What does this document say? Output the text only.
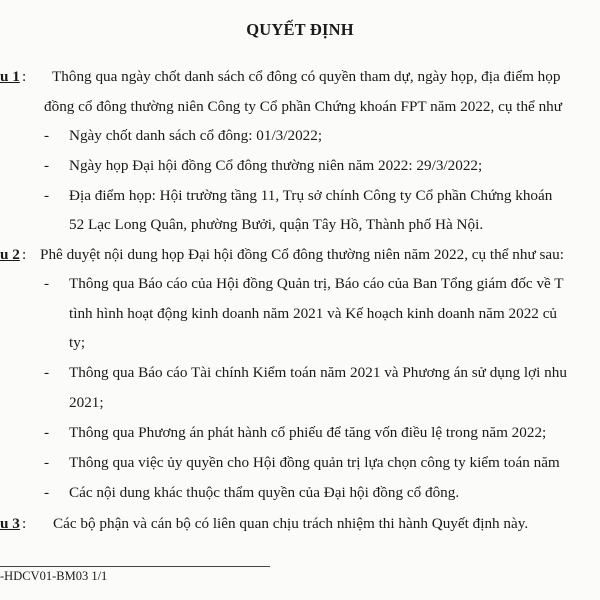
QUYẾT ĐỊNH
u 1 : Thông qua ngày chốt danh sách cổ đông có quyền tham dự, ngày họp, địa điểm họp
đồng cổ đông thường niên Công ty Cổ phần Chứng khoán FPT năm 2022, cụ thể như
- Ngày chốt danh sách cổ đông: 01/3/2022;
- Ngày họp Đại hội đồng Cổ đông thường niên năm 2022: 29/3/2022;
- Địa điểm họp: Hội trường tầng 11, Trụ sở chính Công ty Cổ phần Chứng khoán
52 Lạc Long Quân, phường Bưởi, quận Tây Hồ, Thành phố Hà Nội.
u 2 : Phê duyệt nội dung họp Đại hội đồng Cổ đông thường niên năm 2022, cụ thể như sau:
- Thông qua Báo cáo của Hội đồng Quản trị, Báo cáo của Ban Tổng giám đốc về T
tình hình hoạt động kinh doanh năm 2021 và Kế hoạch kinh doanh năm 2022 củ
ty;
- Thông qua Báo cáo Tài chính Kiểm toán năm 2021 và Phương án sử dụng lợi nhu
2021;
- Thông qua Phương án phát hành cổ phiếu để tăng vốn điều lệ trong năm 2022;
- Thông qua việc ủy quyền cho Hội đồng quản trị lựa chọn công ty kiểm toán năm
- Các nội dung khác thuộc thẩm quyền của Đại hội đồng cổ đông.
u 3 : Các bộ phận và cán bộ có liên quan chịu trách nhiệm thi hành Quyết định này.
-HDCV01-BM03 1/1
